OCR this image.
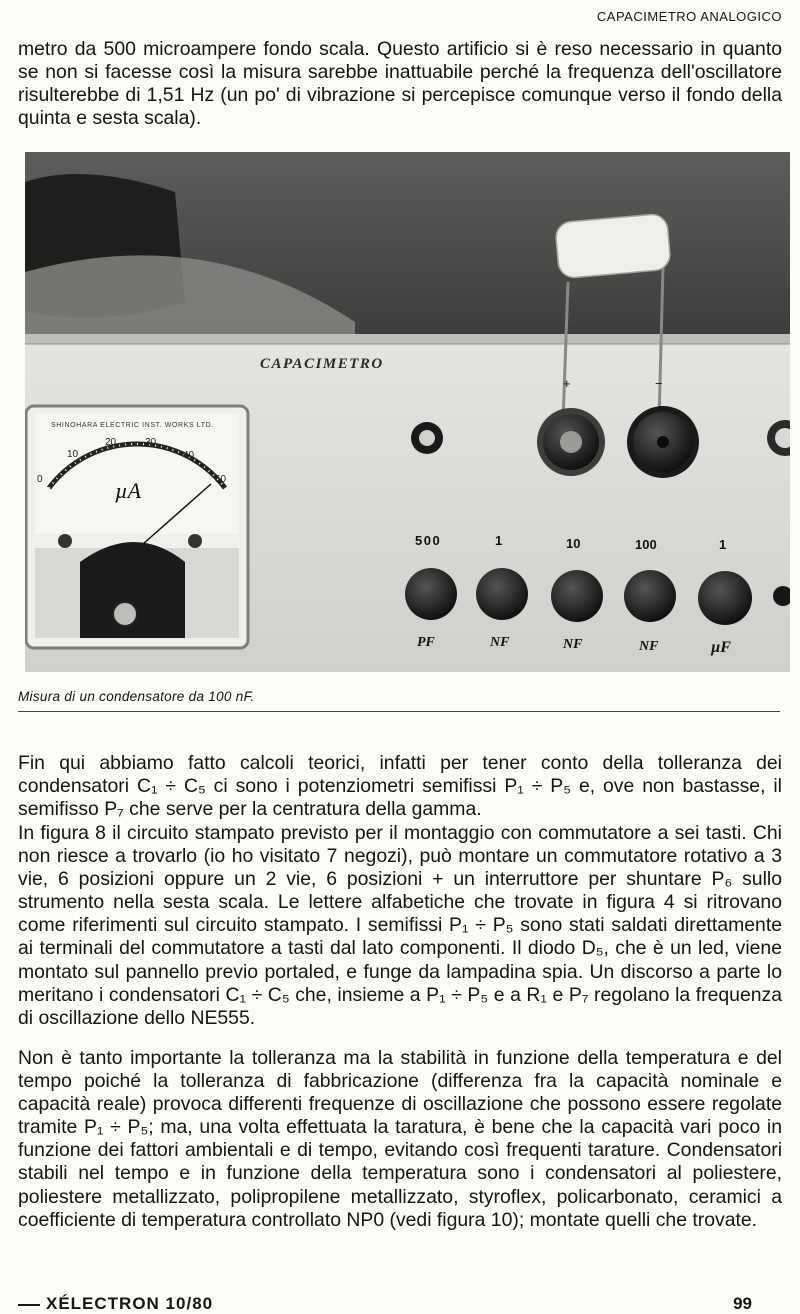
CAPACIMETRO ANALOGICO

metro da 500 microampere fondo scala. Questo artificio si è reso necessario in quanto se non si facesse così la misura sarebbe inattuabile perché la frequenza dell'oscillatore risulterebbe di 1,51 Hz (un po' di vibrazione si percepisce comunque verso il fondo della quinta e sesta scala).

CAPACIMETRO
SHINOHARA ELECTRIC INST. WORKS LTD.
0
10
20	30
40
50
µA
+	−
500	1	10	100	1
PF	NF	NF	NF	µF
Misura di un condensatore da 100 nF.

Fin qui abbiamo fatto calcoli teorici, infatti per tener conto della tolleranza dei condensatori C₁ ÷ C₅ ci sono i potenziometri semifissi P₁ ÷ P₅ e, ove non bastasse, il semifisso P₇ che serve per la centratura della gamma.

In figura 8 il circuito stampato previsto per il montaggio con commutatore a sei tasti. Chi non riesce a trovarlo (io ho visitato 7 negozi), può montare un commutatore rotativo a 3 vie, 6 posizioni oppure un 2 vie, 6 posizioni + un interruttore per shuntare P₆ sullo strumento nella sesta scala. Le lettere alfabetiche che trovate in figura 4 si ritrovano come riferimenti sul circuito stampato. I semifissi P₁ ÷ P₅ sono stati saldati direttamente ai terminali del commutatore a tasti dal lato componenti. Il diodo D₅, che è un led, viene montato sul pannello previo portaled, e funge da lampadina spia. Un discorso a parte lo meritano i condensatori C₁ ÷ C₅ che, insieme a P₁ ÷ P₅ e a R₁ e P₇ regolano la frequenza di oscillazione dello NE555.

Non è tanto importante la tolleranza ma la stabilità in funzione della temperatura e del tempo poiché la tolleranza di fabbricazione (differenza fra la capacità nominale e capacità reale) provoca differenti frequenze di oscillazione che possono essere regolate tramite P₁ ÷ P₅; ma, una volta effettuata la taratura, è bene che la capacità vari poco in funzione dei fattori ambientali e di tempo, evitando così frequenti tarature. Condensatori stabili nel tempo e in funzione della temperatura sono i condensatori al poliestere, poliestere metallizzato, polipropilene metallizzato, styroflex, policarbonato, ceramici a coefficiente di temperatura controllato NP0 (vedi figura 10); montate quelli che trovate.

XÉLECTRON 10/80	99
